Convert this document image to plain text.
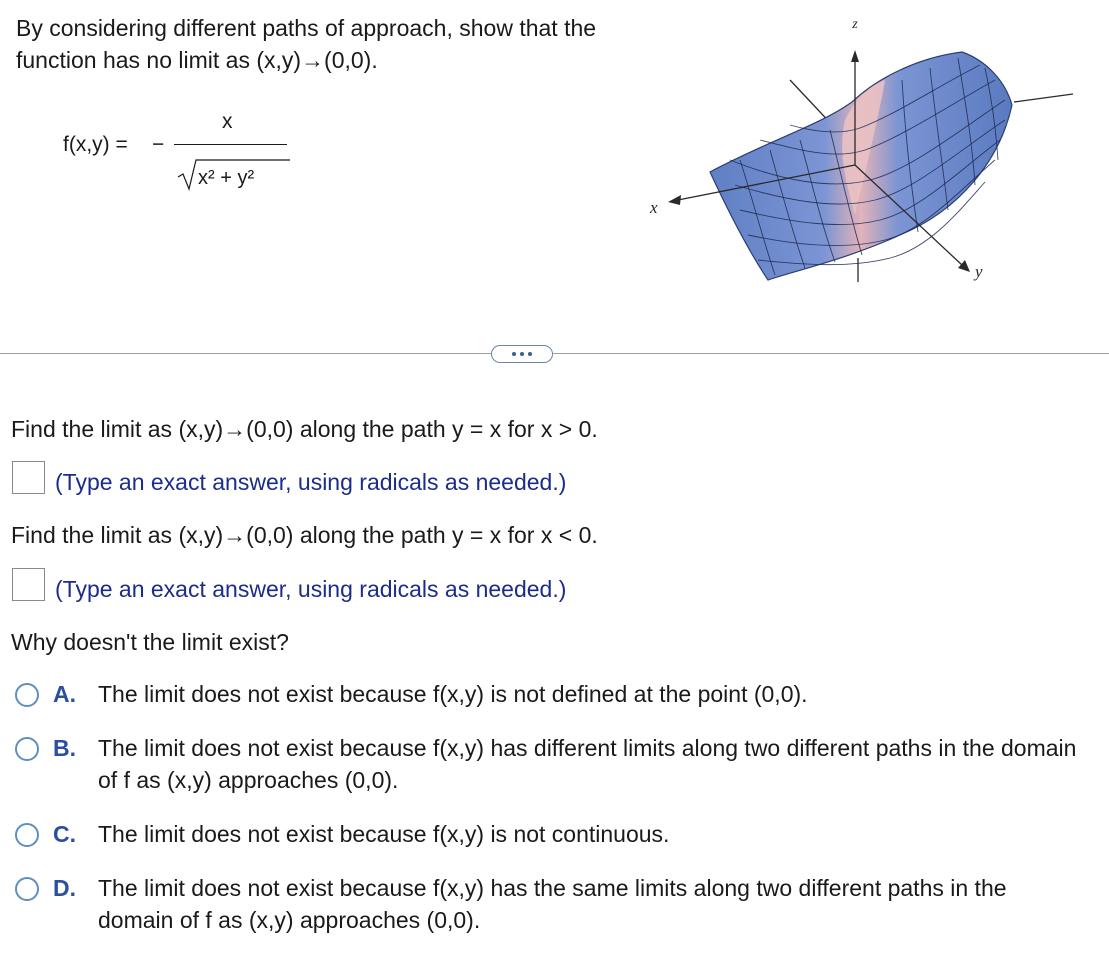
By considering different paths of approach, show that the function has no limit as (x,y)→(0,0).
f(x,y) = −
x
x² + y²
z
x
y
Find the limit as (x,y)→(0,0) along the path y = x for x > 0.
(Type an exact answer, using radicals as needed.)
Find the limit as (x,y)→(0,0) along the path y = x for x < 0.
(Type an exact answer, using radicals as needed.)
Why doesn't the limit exist?
A. The limit does not exist because f(x,y) is not defined at the point (0,0).
B. The limit does not exist because f(x,y) has different limits along two different paths in the domain of f as (x,y) approaches (0,0).
C. The limit does not exist because f(x,y) is not continuous.
D. The limit does not exist because f(x,y) has the same limits along two different paths in the domain of f as (x,y) approaches (0,0).
